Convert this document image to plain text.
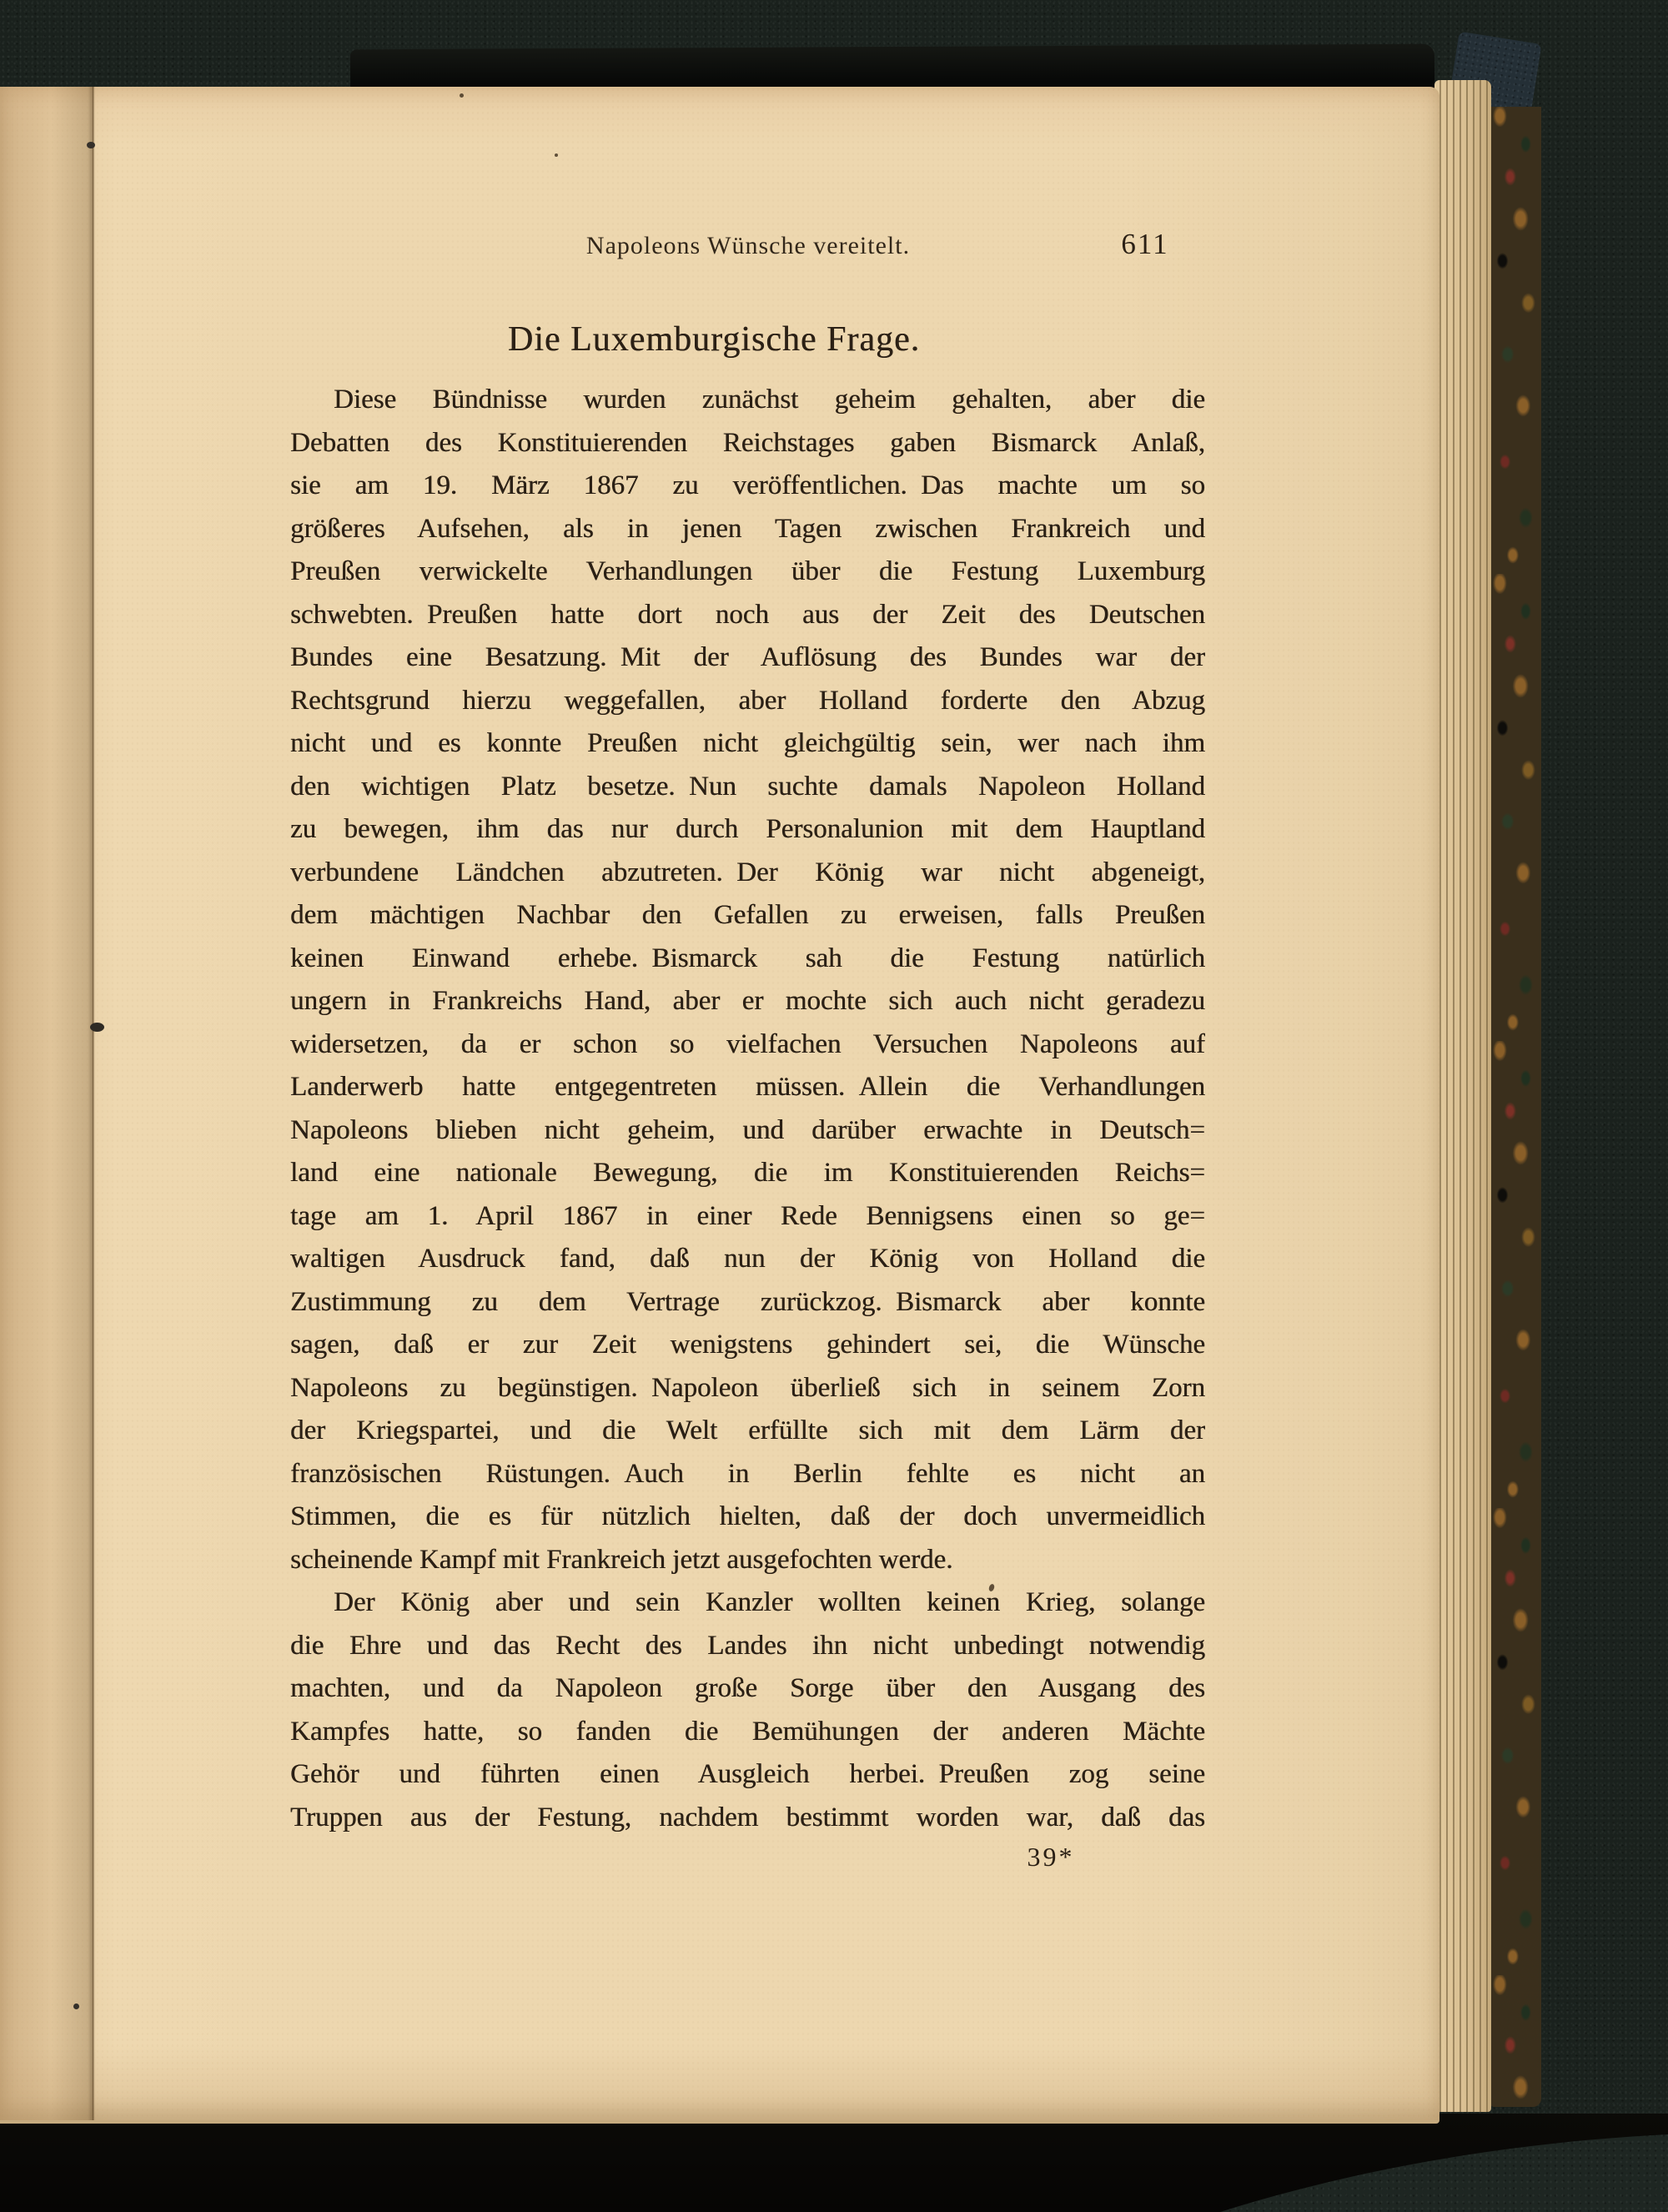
Napoleons Wünsche vereitelt.	611
Die Luxemburgische Frage.
Diese Bündnisse wurden zunächst geheim gehalten, aber die
Debatten des Konstituierenden Reichstages gaben Bismarck Anlaß,
sie am 19. März 1867 zu veröffentlichen. Das machte um so
größeres Aufsehen, als in jenen Tagen zwischen Frankreich und
Preußen verwickelte Verhandlungen über die Festung Luxemburg
schwebten. Preußen hatte dort noch aus der Zeit des Deutschen
Bundes eine Besatzung. Mit der Auflösung des Bundes war der
Rechtsgrund hierzu weggefallen, aber Holland forderte den Abzug
nicht und es konnte Preußen nicht gleichgültig sein, wer nach ihm
den wichtigen Platz besetze. Nun suchte damals Napoleon Holland
zu bewegen, ihm das nur durch Personalunion mit dem Hauptland
verbundene Ländchen abzutreten. Der König war nicht abgeneigt,
dem mächtigen Nachbar den Gefallen zu erweisen, falls Preußen
keinen Einwand erhebe. Bismarck sah die Festung natürlich
ungern in Frankreichs Hand, aber er mochte sich auch nicht geradezu
widersetzen, da er schon so vielfachen Versuchen Napoleons auf
Landerwerb hatte entgegentreten müssen. Allein die Verhandlungen
Napoleons blieben nicht geheim, und darüber erwachte in Deutsch=
land eine nationale Bewegung, die im Konstituierenden Reichs=
tage am 1. April 1867 in einer Rede Bennigsens einen so ge=
waltigen Ausdruck fand, daß nun der König von Holland die
Zustimmung zu dem Vertrage zurückzog. Bismarck aber konnte
sagen, daß er zur Zeit wenigstens gehindert sei, die Wünsche
Napoleons zu begünstigen. Napoleon überließ sich in seinem Zorn
der Kriegspartei, und die Welt erfüllte sich mit dem Lärm der
französischen Rüstungen. Auch in Berlin fehlte es nicht an
Stimmen, die es für nützlich hielten, daß der doch unvermeidlich
scheinende Kampf mit Frankreich jetzt ausgefochten werde.
Der König aber und sein Kanzler wollten keinen Krieg, solange
die Ehre und das Recht des Landes ihn nicht unbedingt notwendig
machten, und da Napoleon große Sorge über den Ausgang des
Kampfes hatte, so fanden die Bemühungen der anderen Mächte
Gehör und führten einen Ausgleich herbei. Preußen zog seine
Truppen aus der Festung, nachdem bestimmt worden war, daß das
39*
